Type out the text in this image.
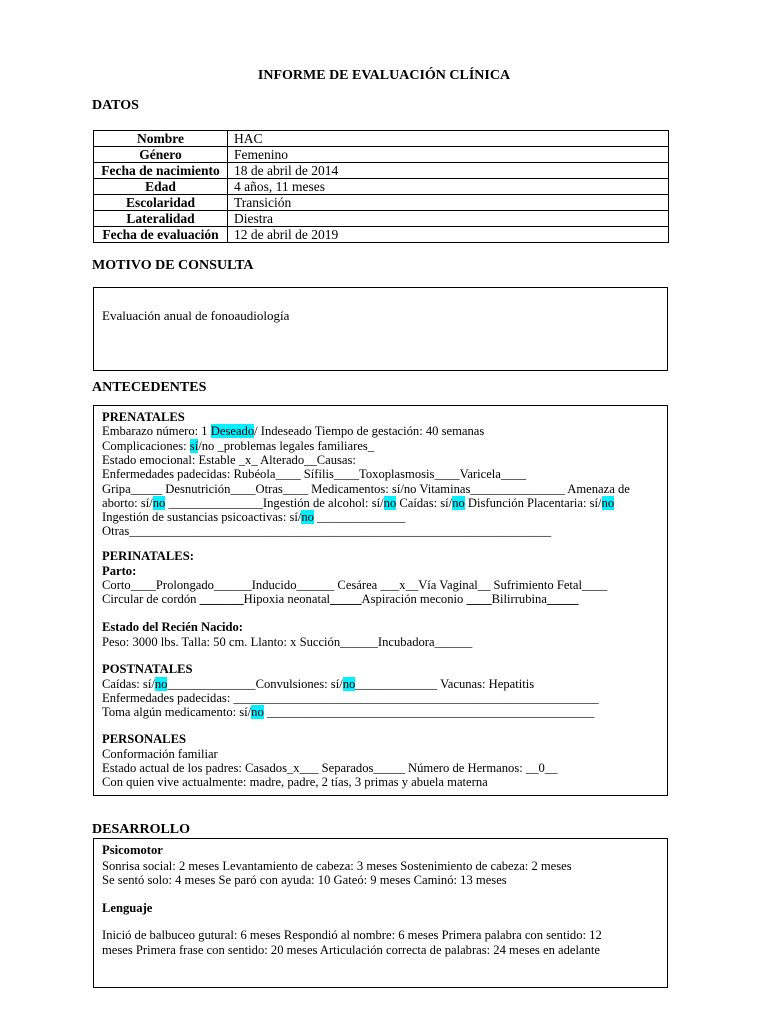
INFORME DE EVALUACIÓN CLÍNICA
DATOS
Nombre	HAC
Género	Femenino
Fecha de nacimiento	18 de abril de 2014
Edad	4 años, 11 meses
Escolaridad	Transición
Lateralidad	Diestra
Fecha de evaluación	12 de abril de 2019
MOTIVO DE CONSULTA
Evaluación anual de fonoaudiología
ANTECEDENTES
PRENATALES
Embarazo número: 1 Deseado/ Indeseado Tiempo de gestación: 40 semanas
Complicaciones: sí/no _problemas legales familiares_
Estado emocional: Estable _x_ Alterado__Causas:
Enfermedades padecidas: Rubéola____ Sífilis____Toxoplasmosis____Varicela____
Gripa_____ Desnutrición____Otras____ Medicamentos: sí/no Vitaminas_______________ Amenaza de
aborto: sí/no _______________Ingestión de alcohol: sí/no Caídas: sí/no Disfunción Placentaria: sí/no
Ingestión de sustancias psicoactivas: sí/no ______________
Otras___________________________________________________________________
PERINATALES:
Parto:
Corto____Prolongado______Inducido______ Cesárea ___x__Vía Vaginal__ Sufrimiento Fetal____
Circular de cordón _______Hipoxia neonatal_____Aspiración meconio ____Bilirrubina_____
Estado del Recién Nacido:
Peso: 3000 lbs. Talla: 50 cm. Llanto: x Succión______Incubadora______
POSTNATALES
Caídas: sí/no______________Convulsiones: sí/no_____________ Vacunas: Hepatitis
Enfermedades padecidas: __________________________________________________________
Toma algún medicamento: sí/no ____________________________________________________
PERSONALES
Conformación familiar
Estado actual de los padres: Casados_x___ Separados_____ Número de Hermanos: __0__
Con quien vive actualmente: madre, padre, 2 tías, 3 primas y abuela materna
DESARROLLO
Psicomotor
Sonrisa social: 2 meses Levantamiento de cabeza: 3 meses Sostenimiento de cabeza: 2 meses
Se sentó solo: 4 meses Se paró con ayuda: 10 Gateó: 9 meses Caminó: 13 meses
Lenguaje
Inició de balbuceo gutural: 6 meses Respondió al nombre: 6 meses Primera palabra con sentido: 12
meses Primera frase con sentido: 20 meses Articulación correcta de palabras: 24 meses en adelante
